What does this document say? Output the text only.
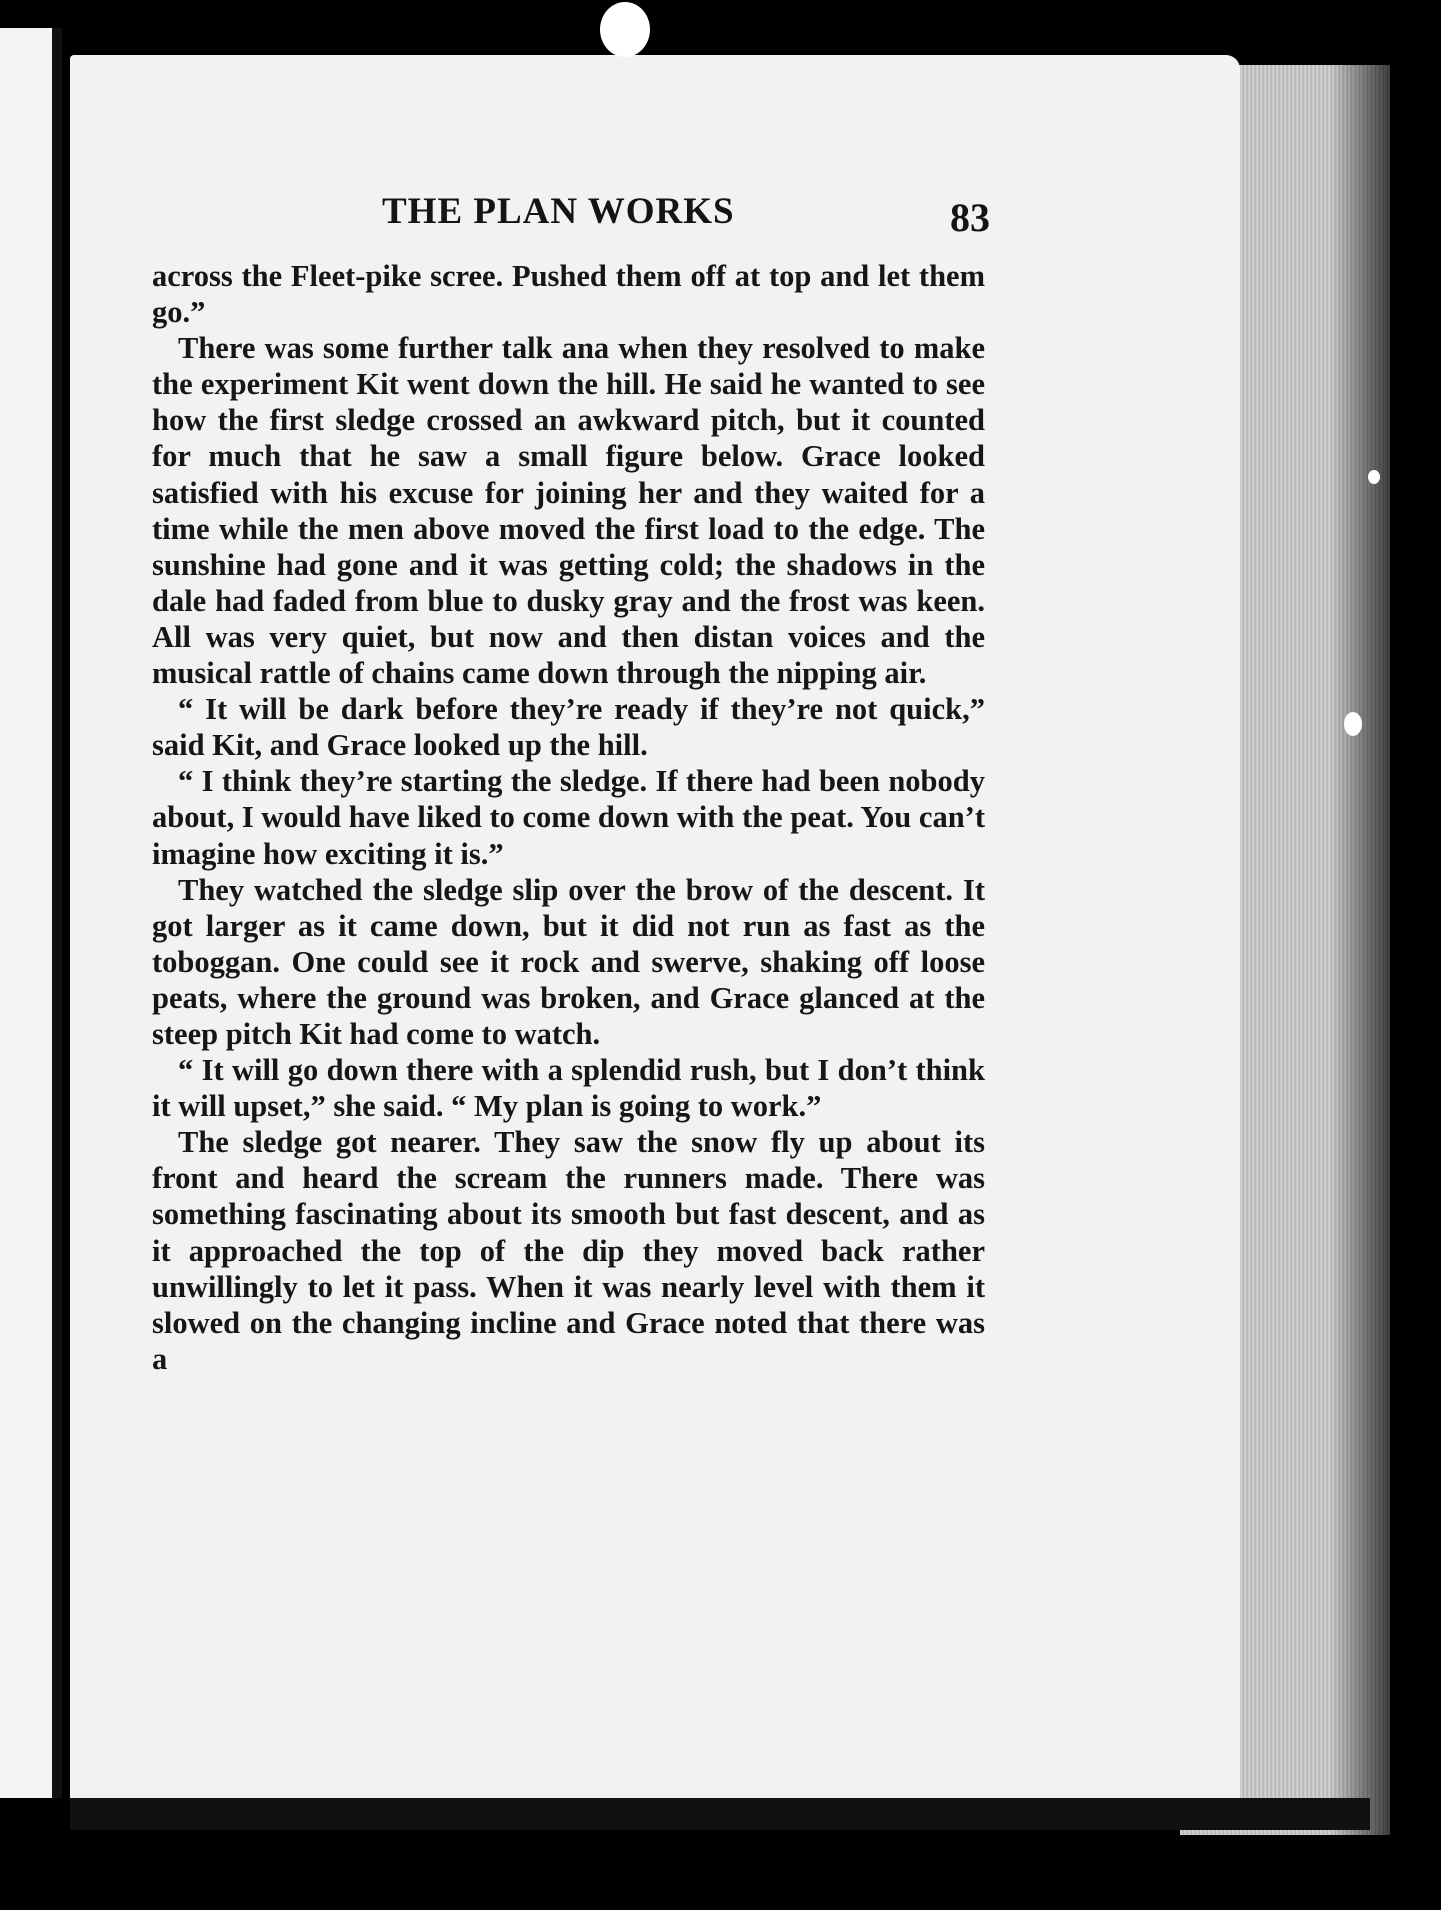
THE PLAN WORKS	83

across the Fleet-pike scree. Pushed them off at top and let them go.”

There was some further talk ana when they resolved to make the experiment Kit went down the hill. He said he wanted to see how the first sledge crossed an awkward pitch, but it counted for much that he saw a small figure below. Grace looked satisfied with his excuse for joining her and they waited for a time while the men above moved the first load to the edge. The sunshine had gone and it was getting cold; the shadows in the dale had faded from blue to dusky gray and the frost was keen. All was very quiet, but now and then distan voices and the musical rattle of chains came down through the nipping air.

“ It will be dark before they’re ready if they’re not quick,” said Kit, and Grace looked up the hill.

“ I think they’re starting the sledge. If there had been nobody about, I would have liked to come down with the peat. You can’t imagine how exciting it is.”

They watched the sledge slip over the brow of the descent. It got larger as it came down, but it did not run as fast as the toboggan. One could see it rock and swerve, shaking off loose peats, where the ground was broken, and Grace glanced at the steep pitch Kit had come to watch.

“ It will go down there with a splendid rush, but I don’t think it will upset,” she said. “ My plan is going to work.”

The sledge got nearer. They saw the snow fly up about its front and heard the scream the runners made. There was something fascinating about its smooth but fast descent, and as it approached the top of the dip they moved back rather unwillingly to let it pass. When it was nearly level with them it slowed on the changing incline and Grace noted that there was a
